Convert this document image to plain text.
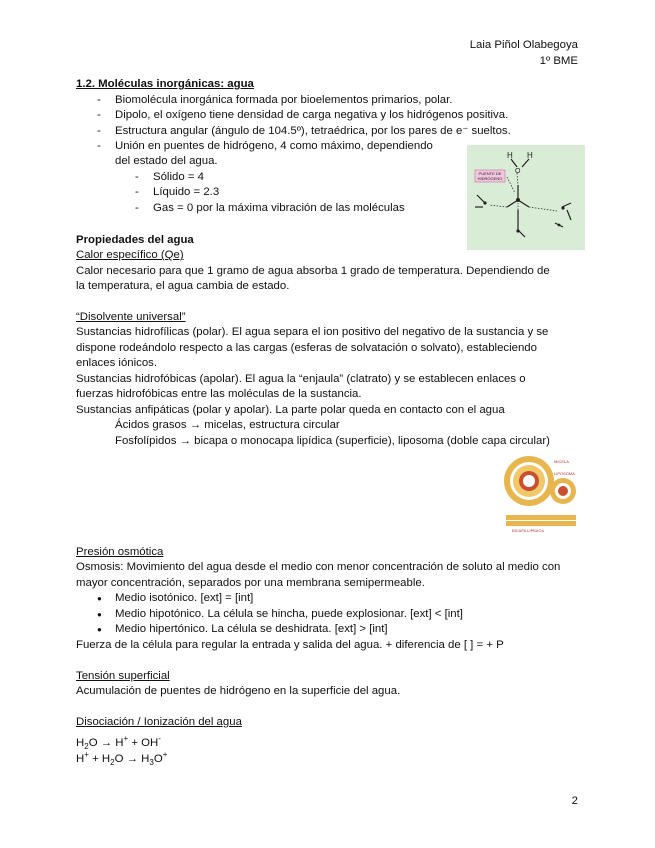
Laia Piñol Olabegoya
1º BME
1.2. Moléculas inorgánicas: agua
- Biomolécula inorgánica formada por bioelementos primarios, polar.
- Dipolo, el oxígeno tiene densidad de carga negativa y los hidrógenos positiva.
- Estructura angular (ángulo de 104.5º), tetraédrica, por los pares de e⁻ sueltos.
- Unión en puentes de hidrógeno, 4 como máximo, dependiendo
del estado del agua.
- Sólido = 4
- Líquido = 2.3
- Gas = 0 por la máxima vibración de las moléculas
PUENTE DE
HIDRÓGENO
H H
O
Propiedades del agua
Calor específico (Qe)
Calor necesario para que 1 gramo de agua absorba 1 grado de temperatura. Dependiendo de
la temperatura, el agua cambia de estado.
“Disolvente universal”
Sustancias hidrofílicas (polar). El agua separa el ion positivo del negativo de la sustancia y se
dispone rodeándolo respecto a las cargas (esferas de solvatación o solvato), estableciendo
enlaces iónicos.
Sustancias hidrofóbicas (apolar). El agua la “enjaula” (clatrato) y se establecen enlaces o
fuerzas hidrofóbicas entre las moléculas de la sustancia.
Sustancias anfipáticas (polar y apolar). La parte polar queda en contacto con el agua
Ácidos grasos → micelas, estructura circular
Fosfolípidos → bicapa o monocapa lipídica (superficie), liposoma (doble capa circular)
MICELA
LIPOSOMA
BICAPA LIPÍDICA
Presión osmótica
Osmosis: Movimiento del agua desde el medio con menor concentración de soluto al medio con
mayor concentración, separados por una membrana semipermeable.
● Medio isotónico. [ext] = [int]
● Medio hipotónico. La célula se hincha, puede explosionar. [ext] < [int]
● Medio hipertónico. La célula se deshidrata. [ext] > [int]
Fuerza de la célula para regular la entrada y salida del agua. + diferencia de [ ] = + P
Tensión superficial
Acumulación de puentes de hidrógeno en la superficie del agua.
Disociación / Ionización del agua
$H_2O \to H^+ + OH^-$
$H^+ + H_2O \to H_3O^+$
2
